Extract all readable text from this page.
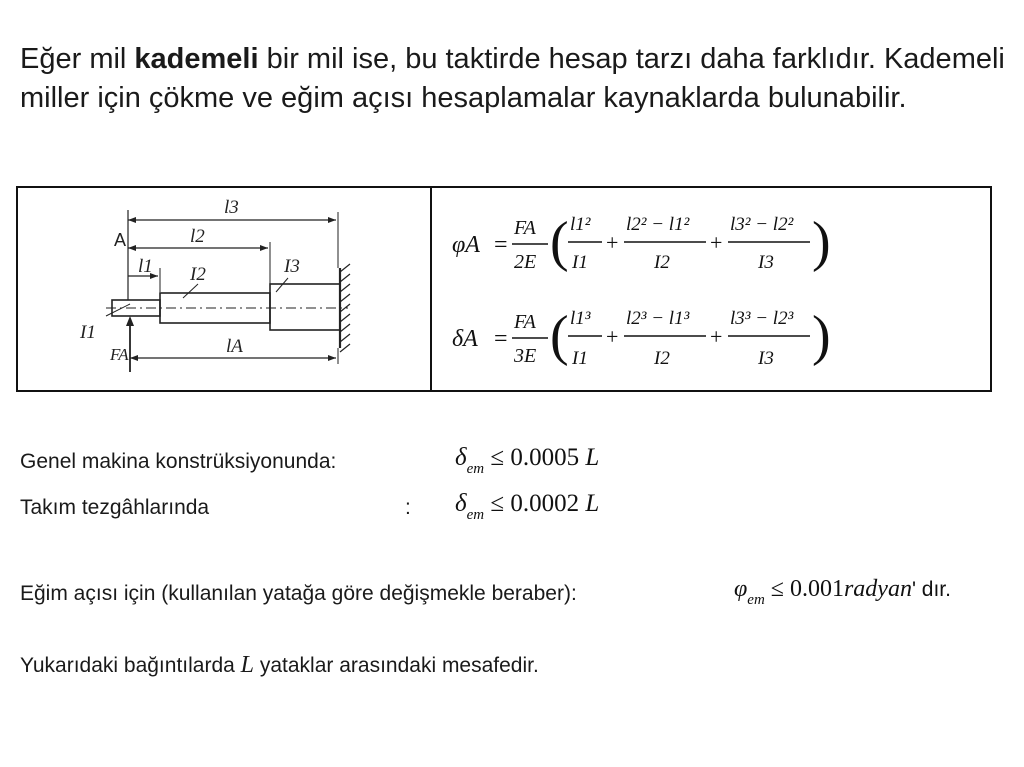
Eğer mil kademeli bir mil ise, bu taktirde hesap tarzı daha farklıdır. Kademeli miller için çökme ve eğim açısı hesaplamalar kaynaklarda bulunabilir.

l3
A	l2
l1 I2	I3
I1
FA	lA
φA =
FA
2E ( l1²
I1
+
l2² − l1²
I2
+
l3² − l2²
I3 )
δA =
FA
3E ( l1³
I1
+
l2³ − l1³
I2
+
l3³ − l2³
I3 )
Genel makina konstrüksiyonunda:	$\delta_{em} \le 0.0005$ L
Takım tezgâhlarında	: $\delta_{em} \le 0.0002$ L
Eğim açısı için (kullanılan yatağa göre değişmekle beraber):	$\varphi_{em}$ ≤ 0.001radyan' dır.
Yukarıdaki bağıntılarda L yataklar arasındaki mesafedir.
